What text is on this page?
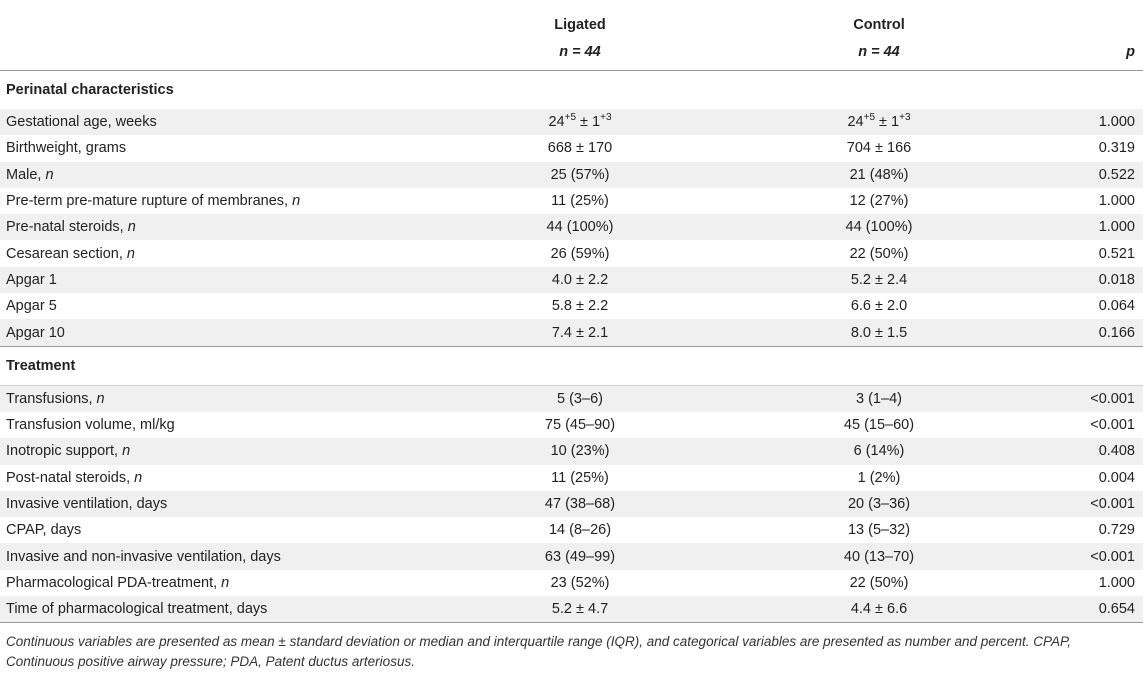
	Ligated	Control	
	n = 44	n = 44	p
Perinatal characteristics			
Gestational age, weeks	$24^{+5} \pm 1^{+3}$	$24^{+5} \pm 1^{+3}$	1.000
Birthweight, grams	668 ± 170	704 ± 166	0.319
Male, n	25 (57%)	21 (48%)	0.522
Pre-term pre-mature rupture of membranes, n	11 (25%)	12 (27%)	1.000
Pre-natal steroids, n	44 (100%)	44 (100%)	1.000
Cesarean section, n	26 (59%)	22 (50%)	0.521
Apgar 1	4.0 ± 2.2	5.2 ± 2.4	0.018
Apgar 5	5.8 ± 2.2	6.6 ± 2.0	0.064
Apgar 10	7.4 ± 2.1	8.0 ± 1.5	0.166
Treatment			
Transfusions, n	5 (3–6)	3 (1–4)	<0.001
Transfusion volume, ml/kg	75 (45–90)	45 (15–60)	<0.001
Inotropic support, n	10 (23%)	6 (14%)	0.408
Post-natal steroids, n	11 (25%)	1 (2%)	0.004
Invasive ventilation, days	47 (38–68)	20 (3–36)	<0.001
CPAP, days	14 (8–26)	13 (5–32)	0.729
Invasive and non-invasive ventilation, days	63 (49–99)	40 (13–70)	<0.001
Pharmacological PDA-treatment, n	23 (52%)	22 (50%)	1.000
Time of pharmacological treatment, days	5.2 ± 4.7	4.4 ± 6.6	0.654
Continuous variables are presented as mean ± standard deviation or median and interquartile range (IQR), and categorical variables are presented as number and percent. CPAP, Continuous positive airway pressure; PDA, Patent ductus arteriosus.
